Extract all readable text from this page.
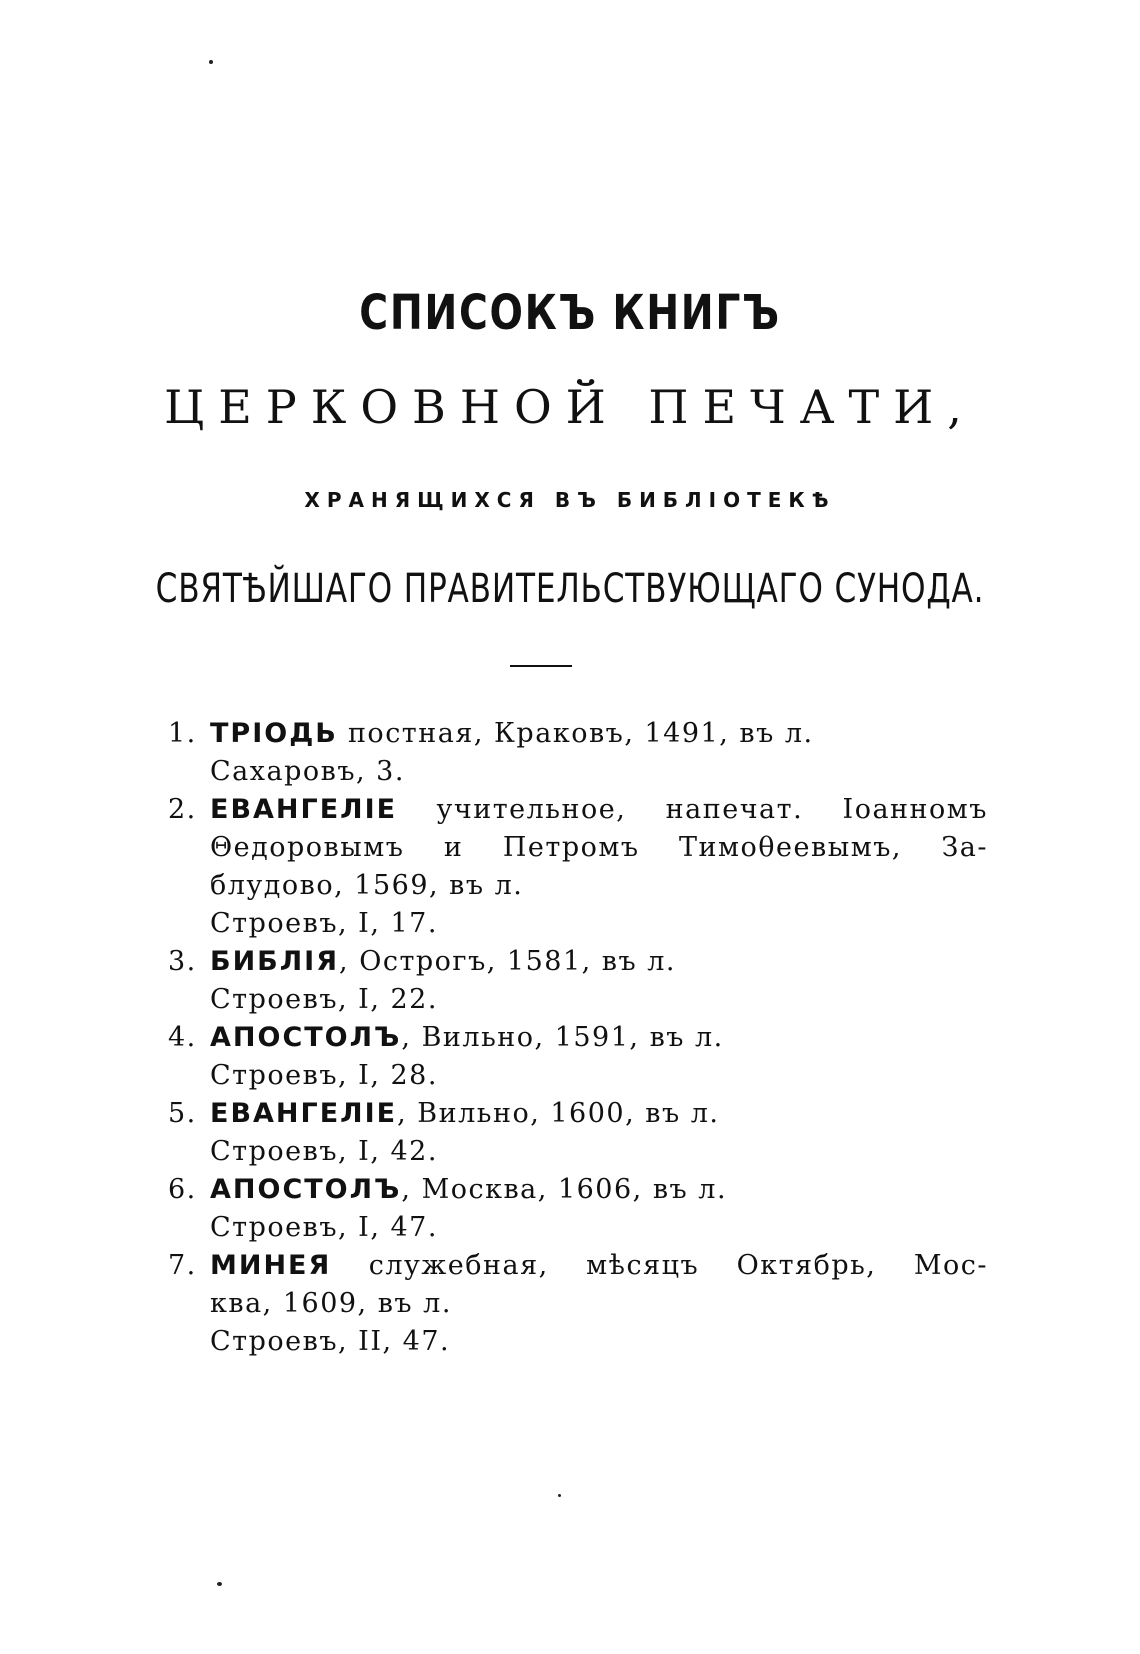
СПИСОКЪ КНИГЪ
ЦЕРКОВНОЙ ПЕЧАТИ,
ХРАНЯЩИХСЯ ВЪ БИБЛІОТЕКѢ
СВЯТѢЙШАГО ПРАВИТЕЛЬСТВУЮЩАГО СУНОДА.
1. ТРІОДЬ постная, Краковъ, 1491, въ л.
Сахаровъ, 3.
2. ЕВАНГЕЛІЕ учительное, напечат. Іоанномъ
Θедоровымъ и Петромъ Тимоθеевымъ, За-
блудово, 1569, въ л.
Строевъ, I, 17.
3. БИБЛІЯ, Острогъ, 1581, въ л.
Строевъ, I, 22.
4. АПОСТОЛЪ, Вильно, 1591, въ л.
Строевъ, I, 28.
5. ЕВАНГЕЛІЕ, Вильно, 1600, въ л.
Строевъ, I, 42.
6. АПОСТОЛЪ, Москва, 1606, въ л.
Строевъ, I, 47.
7. МИНЕЯ служебная, мѣсяцъ Октябрь, Мос-
ква, 1609, въ л.
Строевъ, II, 47.
